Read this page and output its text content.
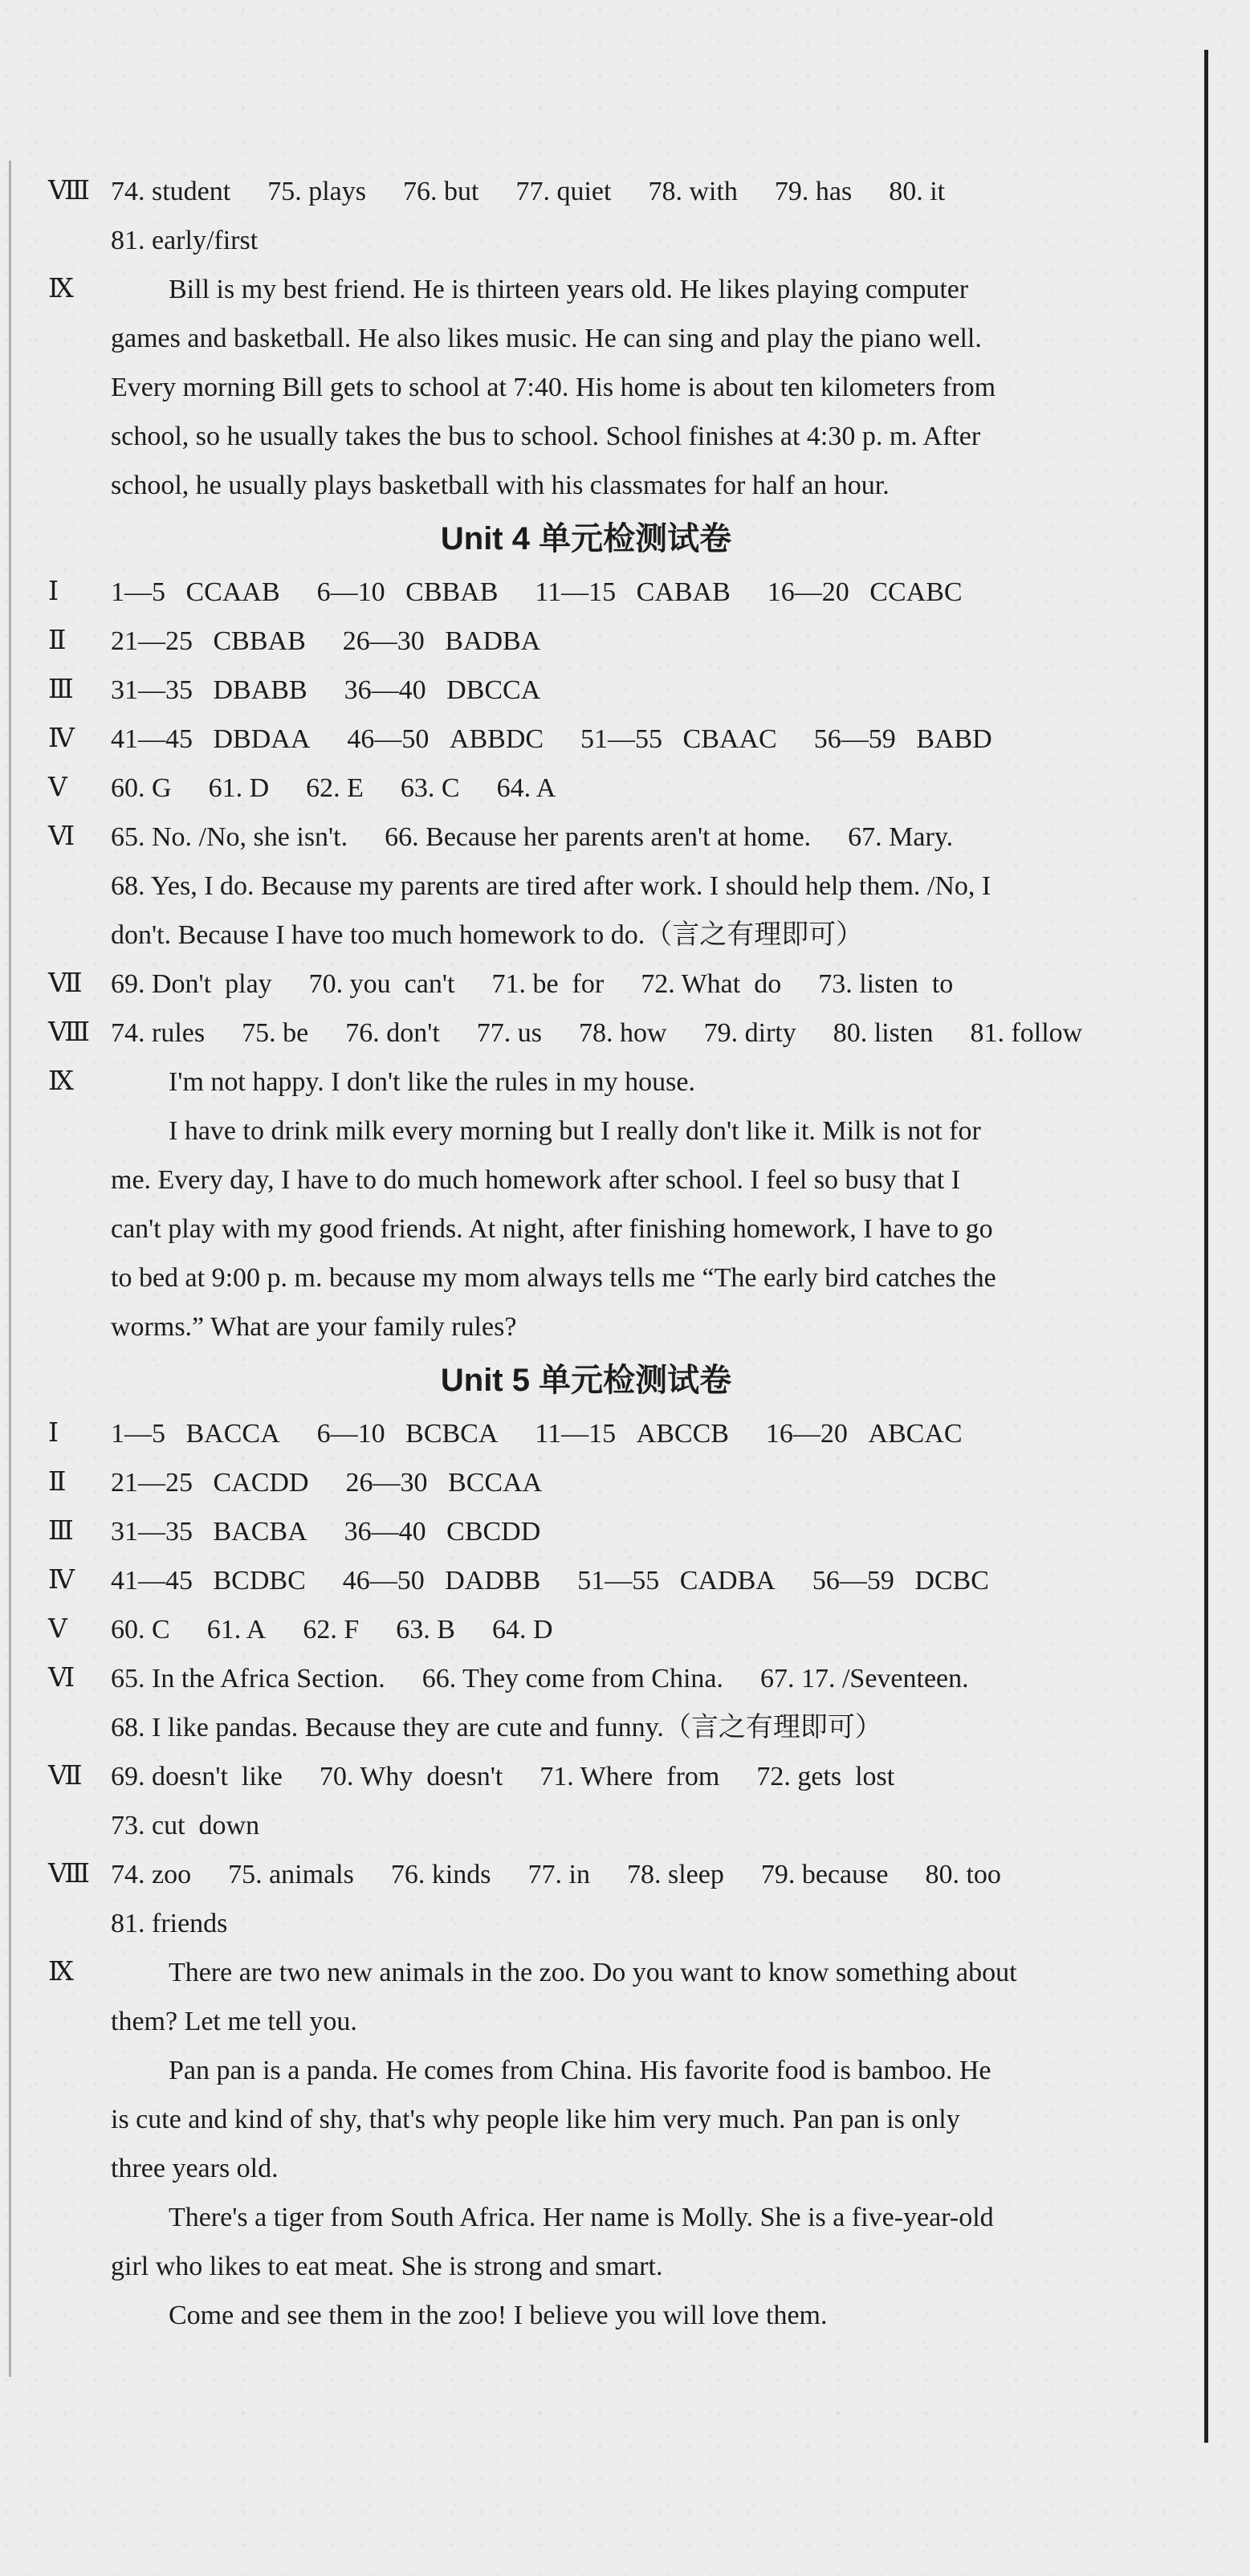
Ⅷ 74. student 75. plays 76. but 77. quiet 78. with 79. has 80. it
81. early/first
Ⅸ	Bill is my best friend. He is thirteen years old. He likes playing computer
games and basketball. He also likes music. He can sing and play the piano well.
Every morning Bill gets to school at 7:40. His home is about ten kilometers from
school, so he usually takes the bus to school. School finishes at 4:30 p. m. After
school, he usually plays basketball with his classmates for half an hour.
Unit 4 单元检测试卷
Ⅰ 1—5 CCAAB 6—10 CBBAB 11—15 CABAB 16—20 CCABC
Ⅱ 21—25 CBBAB 26—30 BADBA
Ⅲ 31—35 DBABB 36—40 DBCCA
Ⅳ 41—45 DBDAA 46—50 ABBDC 51—55 CBAAC 56—59 BABD
Ⅴ 60. G 61. D 62. E 63. C 64. A
Ⅵ 65. No. /No, she isn't. 66. Because her parents aren't at home. 67. Mary.
68. Yes, I do. Because my parents are tired after work. I should help them. /No, I
don't. Because I have too much homework to do.（言之有理即可）
Ⅶ 69. Don't  play 70. you  can't 71. be  for 72. What  do 73. listen  to
Ⅷ 74. rules 75. be 76. don't 77. us 78. how 79. dirty 80. listen 81. follow
Ⅸ	I'm not happy. I don't like the rules in my house.
I have to drink milk every morning but I really don't like it. Milk is not for
me. Every day, I have to do much homework after school. I feel so busy that I
can't play with my good friends. At night, after finishing homework, I have to go
to bed at 9:00 p. m. because my mom always tells me “The early bird catches the
worms.” What are your family rules?
Unit 5 单元检测试卷
Ⅰ 1—5 BACCA 6—10 BCBCA 11—15 ABCCB 16—20 ABCAC
Ⅱ 21—25 CACDD 26—30 BCCAA
Ⅲ 31—35 BACBA 36—40 CBCDD
Ⅳ 41—45 BCDBC 46—50 DADBB 51—55 CADBA 56—59 DCBC
Ⅴ 60. C 61. A 62. F 63. B 64. D
Ⅵ 65. In the Africa Section. 66. They come from China. 67. 17. /Seventeen.
68. I like pandas. Because they are cute and funny.（言之有理即可）
Ⅶ 69. doesn't  like 70. Why  doesn't 71. Where  from 72. gets  lost
73. cut  down
Ⅷ 74. zoo 75. animals 76. kinds 77. in 78. sleep 79. because 80. too
81. friends
Ⅸ	There are two new animals in the zoo. Do you want to know something about
them? Let me tell you.
Pan pan is a panda. He comes from China. His favorite food is bamboo. He
is cute and kind of shy, that's why people like him very much. Pan pan is only
three years old.
There's a tiger from South Africa. Her name is Molly. She is a five-year-old
girl who likes to eat meat. She is strong and smart.
Come and see them in the zoo! I believe you will love them.
